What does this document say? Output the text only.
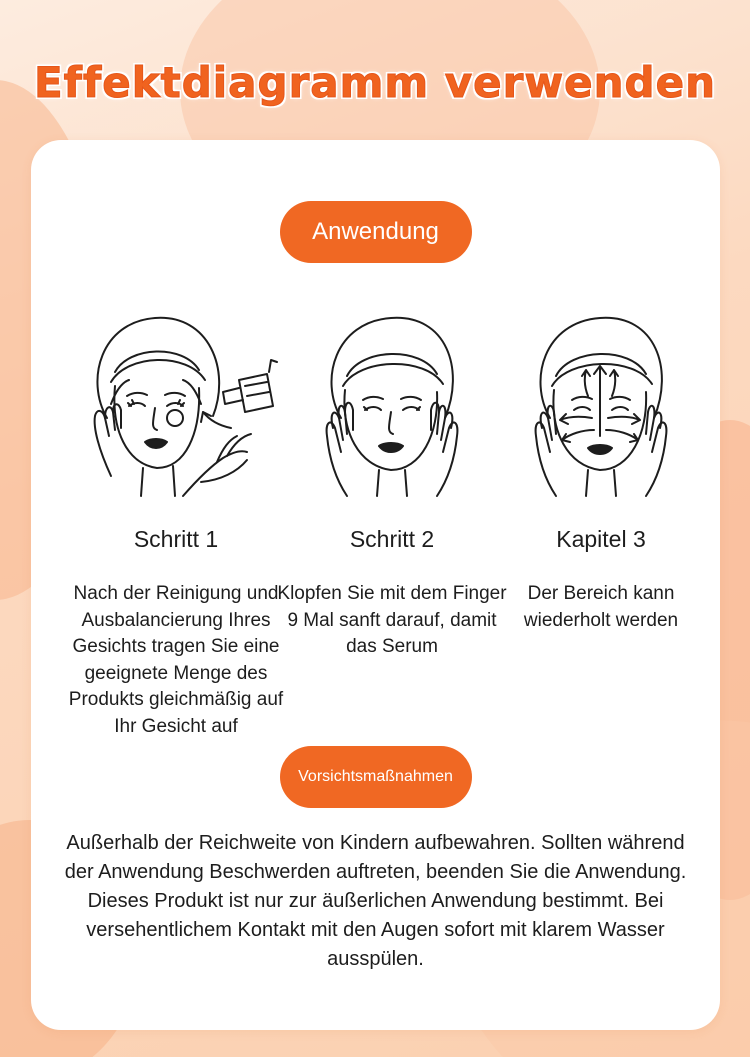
Effektdiagramm verwenden
Anwendung
Schritt 1
Nach der Reinigung und Ausbalancierung Ihres Gesichts tragen Sie eine geeignete Menge des Produkts gleichmäßig auf Ihr Gesicht auf
Schritt 2
Klopfen Sie mit dem Finger 9 Mal sanft darauf, damit das Serum
Kapitel 3
Der Bereich kann wiederholt werden
Vorsichtsmaßnahmen

Außerhalb der Reichweite von Kindern aufbewahren. Sollten während der Anwendung Beschwerden auftreten, beenden Sie die Anwendung. Dieses Produkt ist nur zur äußerlichen Anwendung bestimmt. Bei versehentlichem Kontakt mit den Augen sofort mit klarem Wasser ausspülen.
